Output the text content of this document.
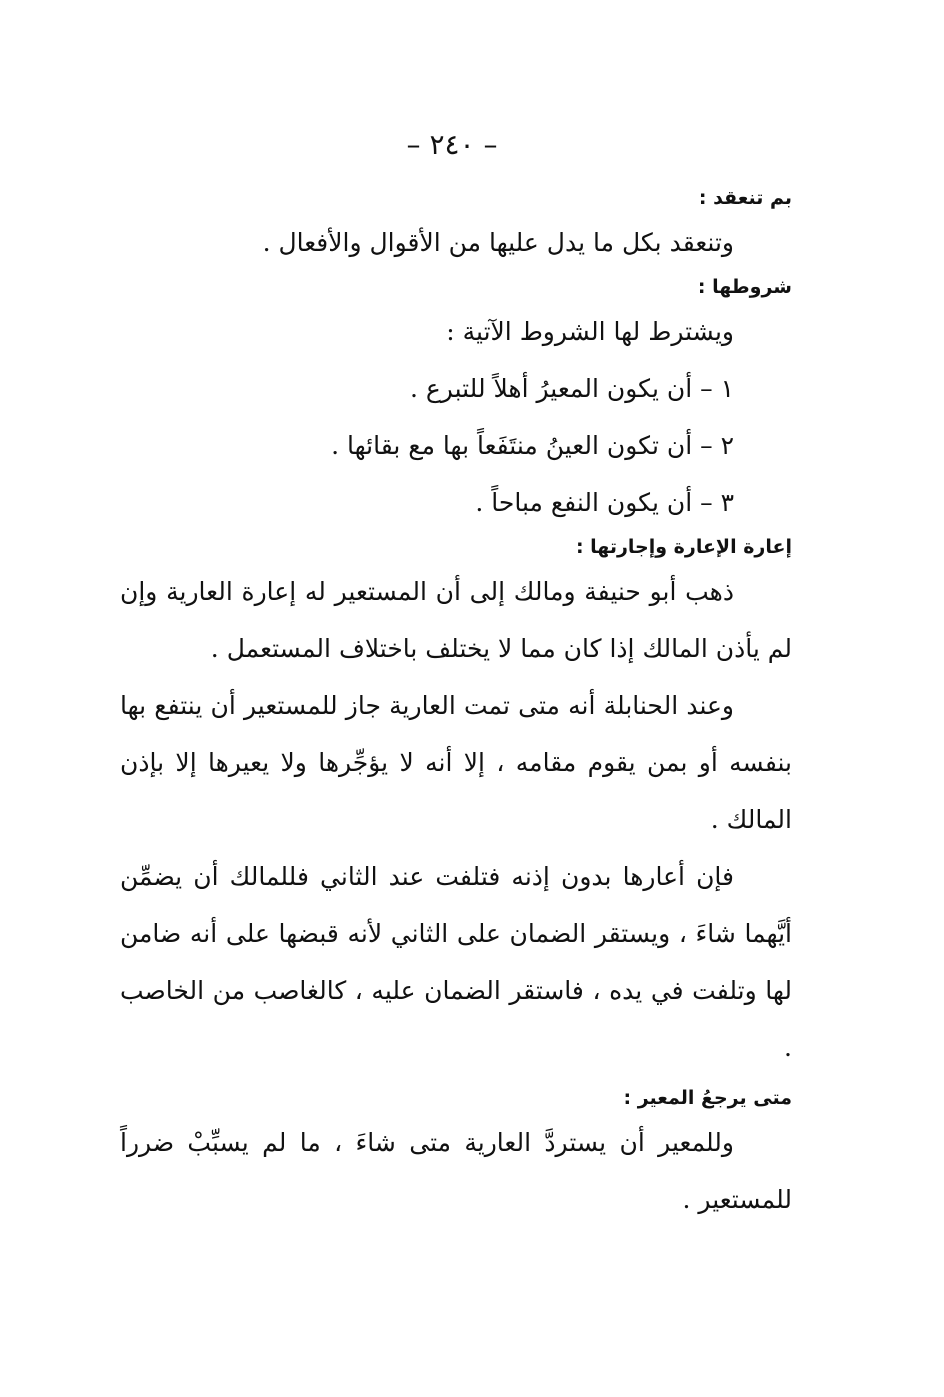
– ٢٤٠ –

بم تنعقد :

وتنعقد بكل ما يدل عليها من الأقوال والأفعال .

شروطها :

ويشترط لها الشروط الآتية :

١ – أن يكون المعيرُ أهلاً للتبرع .

٢ – أن تكون العينُ منتَفَعاً بها مع بقائها .

٣ – أن يكون النفع مباحاً .

إعارة الإعارة وإجارتها :

ذهب أبو حنيفة ومالك إلى أن المستعير له إعارة العارية وإن لم يأذن المالك إذا كان مما لا يختلف باختلاف المستعمل .

وعند الحنابلة أنه متى تمت العارية جاز للمستعير أن ينتفع بها بنفسه أو بمن يقوم مقامه ، إلا أنه لا يؤجِّرها ولا يعيرها إلا بإذن المالك .

فإن أعارها بدون إذنه فتلفت عند الثاني فللمالك أن يضمِّن أيَّهما شاءَ ، ويستقر الضمان على الثاني لأنه قبضها على أنه ضامن لها وتلفت في يده ، فاستقر الضمان عليه ، كالغاصب من الخاصب .

متى يرجعُ المعير :

وللمعير أن يستردَّ العارية متى شاءَ ، ما لم يسبِّبْ ضرراً للمستعير .
